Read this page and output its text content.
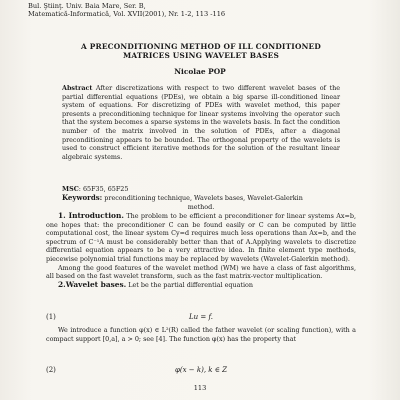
Bul. Ştiinţ. Univ. Baia Mare, Ser. B,
Matematică-Informatică, Vol. XVII(2001), Nr. 1-2, 113 -116
A PRECONDITIONING METHOD OF ILL CONDITIONED
MATRICES USING WAVELET BASES
Nicolae POP

Abstract After discretizations with respect to two different wavelet bases of the partial differential equations (PDEs), we obtain a big sparse ill-conditioned linear system of equations. For discretizing of PDEs with wavelet method, this paper presents a preconditioning technique for linear systems involving the operator such that the system becomes a sparse systems in the wavelets basis. In fact the condition number of the matrix involved in the solution of PDEs, after a diagonal preconditioning appears to be bounded. The orthogonal property of the wavelets is used to construct efficient iterative methods for the solution of the resultant linear algebraic systems.

MSC: 65F35, 65F25
Keywords: preconditioning technique, Wavelets bases, Wavelet-Galerkin
method.

1. Introduction. The problem to be efficient a preconditioner for linear systems Ax=b, one hopes that: the preconditioner C can be found easily or C can be computed by little computational cost, the linear system Cy=d requires much less operations than Ax=b, and the spectrum of C⁻¹A must be considerably better than that of A.Applying wavelets to discretize differential equation appears to be a very attractive idea. In finite element type methods, piecewise polynomial trial functions may be replaced by wavelets (Wavelet-Galerkin method).

Among the good features of the wavelet method (WM) we have a class of fast algorithms, all based on the fast wavelet transform, such as the fast matrix-vector multiplication.

2.Wavelet bases. Let be the partial differential equation

(1)	Lu = f.

We introduce a function φ(x) ∈ L²(R) called the father wavelet (or scaling function), with a compact support [0,a], a > 0; see [4]. The function φ(x) has the property that

(2)	φ(x − k), k ∈ Z
113
